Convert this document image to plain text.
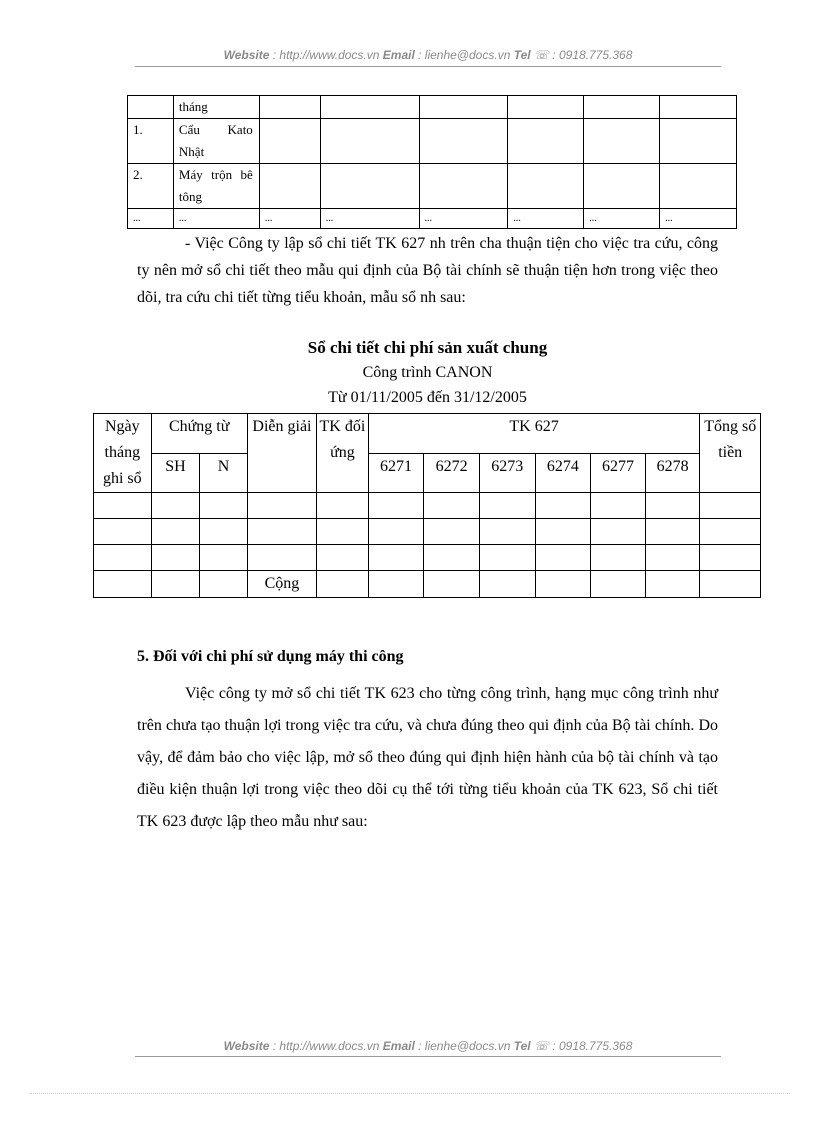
Website : http://www.docs.vn Email : lienhe@docs.vn Tel ☏ : 0918.775.368
	tháng						
1.	Cẩu Kato Nhật						
2.	Máy trộn bê tông						
...	...	...	...	...	...	...	...
- Việc Công ty lập sổ chi tiết TK 627 nh trên cha thuận tiện cho việc tra cứu, công ty nên mở sổ chi tiết theo mẫu qui định của Bộ tài chính sẽ thuận tiện hơn trong việc theo dõi, tra cứu chi tiết từng tiểu khoản, mẫu sổ nh sau:
Sổ chi tiết chi phí sản xuất chung
Công trình CANON
Từ 01/11/2005 đến 31/12/2005
Ngày tháng ghi sổ	Chứng từ		Diễn giải	TK đối ứng	TK 627						Tổng số tiền
	SH	N			6271	6272	6273	6274	6277	6278	

			Cộng								
5. Đối với chi phí sử dụng máy thi công
Việc công ty mở sổ chi tiết TK 623 cho từng công trình, hạng mục công trình như trên chưa tạo thuận lợi trong việc tra cứu, và chưa đúng theo qui định của Bộ tài chính. Do vậy, để đảm bảo cho việc lập, mở sổ theo đúng qui định hiện hành của bộ tài chính và tạo điều kiện thuận lợi trong việc theo dõi cụ thể tới từng tiểu khoản của TK 623, Sổ chi tiết TK 623 được lập theo mẫu như sau:
Website : http://www.docs.vn Email : lienhe@docs.vn Tel ☏ : 0918.775.368
